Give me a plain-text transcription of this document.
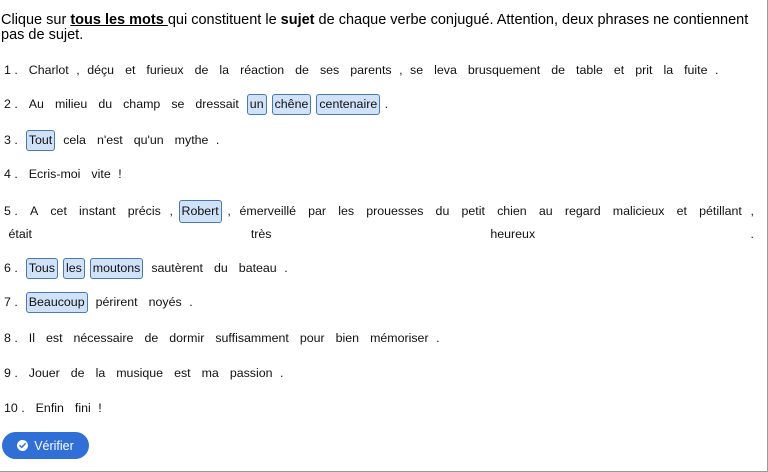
Clique sur tous les mots qui constituent le sujet de chaque verbe conjugué. Attention, deux phrases ne contiennent pas de sujet.
1 . Charlot , déçu et furieux de la réaction de ses parents , se leva brusquement de table et prit la fuite .
2 . Au milieu du champ se dressait un chêne centenaire .
3 . Tout cela n'est qu'un mythe .
4 . Ecris-moi vite !
5 . A cet instant précis , Robert , émerveillé par les prouesses du petit chien au regard malicieux et pétillant ,
était	très	heureux	.
6 . Tous les moutons sautèrent du bateau .
7 . Beaucoup périrent noyés .
8 . Il est nécessaire de dormir suffisamment pour bien mémoriser .
9 . Jouer de la musique est ma passion .
10 . Enfin fini !
Vérifier
